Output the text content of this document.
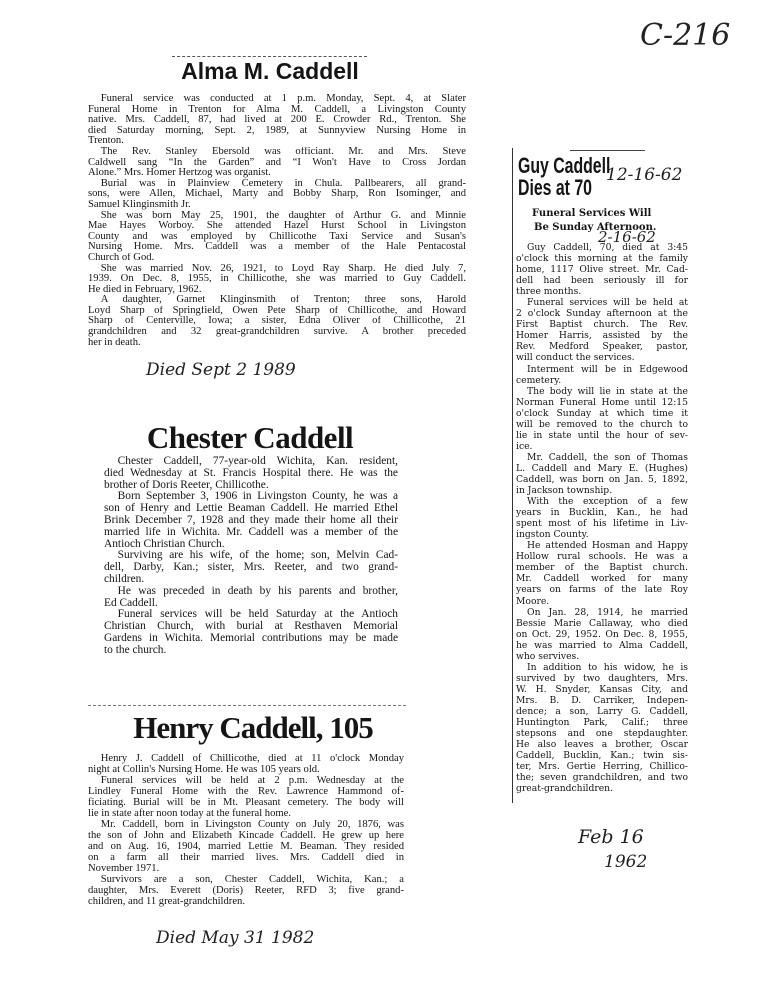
C-216
Died Sept 2 1989
Died May 31 1982
12-16-62
2-16-62
Feb 16
1962
Alma M. Caddell
Funeral service was conducted at 1 p.m. Monday, Sept. 4, at Slater
Funeral Home in Trenton for Alma M. Caddell, a Livingston County
native. Mrs. Caddell, 87, had lived at 200 E. Crowder Rd., Trenton. She
died Saturday morning, Sept. 2, 1989, at Sunnyview Nursing Home in
Trenton.
The Rev. Stanley Ebersold was officiant. Mr. and Mrs. Steve
Caldwell sang “In the Garden” and “I Won't Have to Cross Jordan
Alone.” Mrs. Homer Hertzog was organist.
Burial was in Plainview Cemetery in Chula. Pallbearers, all grand-
sons, were Allen, Michael, Marty and Bobby Sharp, Ron Isominger, and
Samuel Klinginsmith Jr.
She was born May 25, 1901, the daughter of Arthur G. and Minnie
Mae Hayes Worboy. She attended Hazel Hurst School in Livingston
County and was employed by Chillicothe Taxi Service and Susan's
Nursing Home. Mrs. Caddell was a member of the Hale Pentacostal
Church of God.
She was married Nov. 26, 1921, to Loyd Ray Sharp. He died July 7,
1939. On Dec. 8, 1955, in Chillicothe, she was married to Guy Caddell.
He died in February, 1962.
A daughter, Garnet Klinginsmith of Trenton; three sons, Harold
Loyd Sharp of Springfield, Owen Pete Sharp of Chillicothe, and Howard
Sharp of Centerville, Iowa; a sister, Edna Oliver of Chillicothe, 21
grandchildren and 32 great-grandchildren survive. A brother preceded
her in death.
Chester Caddell
Chester Caddell, 77-year-old Wichita, Kan. resident,
died Wednesday at St. Francis Hospital there. He was the
brother of Doris Reeter, Chillicothe.
Born September 3, 1906 in Livingston County, he was a
son of Henry and Lettie Beaman Caddell. He married Ethel
Brink December 7, 1928 and they made their home all their
married life in Wichita. Mr. Caddell was a member of the
Antioch Christian Church.
Surviving are his wife, of the home; son, Melvin Cad-
dell, Darby, Kan.; sister, Mrs. Reeter, and two grand-
children.
He was preceded in death by his parents and brother,
Ed Caddell.
Funeral services will be held Saturday at the Antioch
Christian Church, with burial at Resthaven Memorial
Gardens in Wichita. Memorial contributions may be made
to the church.
Henry Caddell, 105
Henry J. Caddell of Chillicothe, died at 11 o'clock Monday
night at Collin's Nursing Home. He was 105 years old.
Funeral services will be held at 2 p.m. Wednesday at the
Lindley Funeral Home with the Rev. Lawrence Hammond of-
ficiating. Burial will be in Mt. Pleasant cemetery. The body will
lie in state after noon today at the funeral home.
Mr. Caddell, born in Livingston County on July 20, 1876, was
the son of John and Elizabeth Kincade Caddell. He grew up here
and on Aug. 16, 1904, married Lettie M. Beaman. They resided
on a farm all their married lives. Mrs. Caddell died in
November 1971.
Survivors are a son, Chester Caddell, Wichita, Kan.; a
daughter, Mrs. Everett (Doris) Reeter, RFD 3; five grand-
children, and 11 great-grandchildren.
Guy Caddell
Dies at 70
Funeral Services Will
Be Sunday Afternoon.
Guy Caddell, 70, died at 3:45
o'clock this morning at the family
home, 1117 Olive street. Mr. Cad-
dell had been seriously ill for
three months.
Funeral services will be held at
2 o'clock Sunday afternoon at the
First Baptist church. The Rev.
Homer Harris, assisted by the
Rev. Medford Speaker, pastor,
will conduct the services.
Interment will be in Edgewood
cemetery.
The body will lie in state at the
Norman Funeral Home until 12:15
o'clock Sunday at which time it
will be removed to the church to
lie in state until the hour of sev-
ice.
Mr. Caddell, the son of Thomas
L. Caddell and Mary E. (Hughes)
Caddell, was born on Jan. 5, 1892,
in Jackson township.
With the exception of a few
years in Bucklin, Kan., he had
spent most of his lifetime in Liv-
ingston County.
He attended Hosman and Happy
Hollow rural schools. He was a
member of the Baptist church.
Mr. Caddell worked for many
years on farms of the late Roy
Moore.
On Jan. 28, 1914, he married
Bessie Marie Callaway, who died
on Oct. 29, 1952. On Dec. 8, 1955,
he was married to Alma Caddell,
who servives.
In addition to his widow, he is
survived by two daughters, Mrs.
W. H. Snyder, Kansas City, and
Mrs. B. D. Carriker, Indepen-
dence; a son, Larry G. Caddell,
Huntington Park, Calif.; three
stepsons and one stepdaughter.
He also leaves a brother, Oscar
Caddell, Bucklin, Kan.; twin sis-
ter, Mrs. Gertie Herring, Chillico-
the; seven grandchildren, and two
great-grandchildren.
